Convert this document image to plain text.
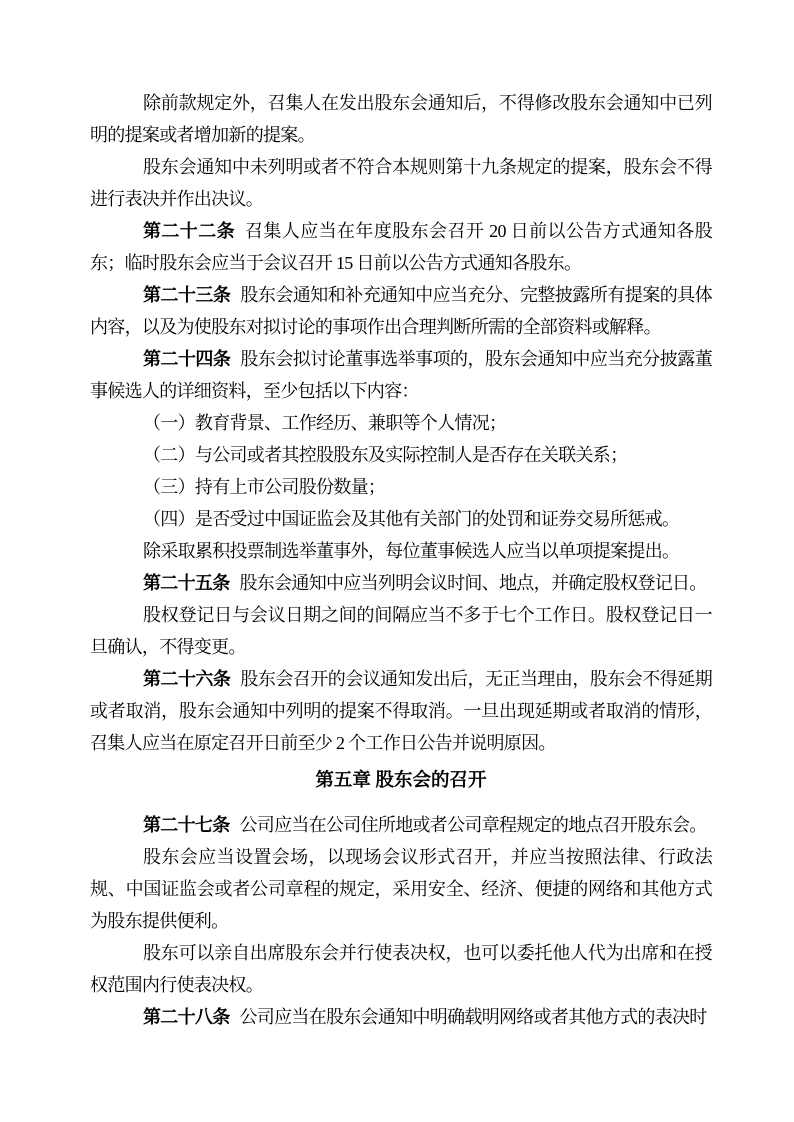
除前款规定外，召集人在发出股东会通知后，不得修改股东会通知中已列明的提案或者增加新的提案。

股东会通知中未列明或者不符合本规则第十九条规定的提案，股东会不得进行表决并作出决议。

第二十二条 召集人应当在年度股东会召开 20 日前以公告方式通知各股东；临时股东会应当于会议召开 15 日前以公告方式通知各股东。

第二十三条 股东会通知和补充通知中应当充分、完整披露所有提案的具体内容，以及为使股东对拟讨论的事项作出合理判断所需的全部资料或解释。

第二十四条 股东会拟讨论董事选举事项的，股东会通知中应当充分披露董事候选人的详细资料，至少包括以下内容：

（一）教育背景、工作经历、兼职等个人情况；

（二）与公司或者其控股股东及实际控制人是否存在关联关系；

（三）持有上市公司股份数量；

（四）是否受过中国证监会及其他有关部门的处罚和证券交易所惩戒。

除采取累积投票制选举董事外，每位董事候选人应当以单项提案提出。

第二十五条 股东会通知中应当列明会议时间、地点，并确定股权登记日。

股权登记日与会议日期之间的间隔应当不多于七个工作日。股权登记日一旦确认，不得变更。

第二十六条 股东会召开的会议通知发出后，无正当理由，股东会不得延期或者取消，股东会通知中列明的提案不得取消。一旦出现延期或者取消的情形，召集人应当在原定召开日前至少 2 个工作日公告并说明原因。

第五章 股东会的召开

第二十七条 公司应当在公司住所地或者公司章程规定的地点召开股东会。

股东会应当设置会场，以现场会议形式召开，并应当按照法律、行政法规、中国证监会或者公司章程的规定，采用安全、经济、便捷的网络和其他方式为股东提供便利。

股东可以亲自出席股东会并行使表决权，也可以委托他人代为出席和在授权范围内行使表决权。

第二十八条 公司应当在股东会通知中明确载明网络或者其他方式的表决时
